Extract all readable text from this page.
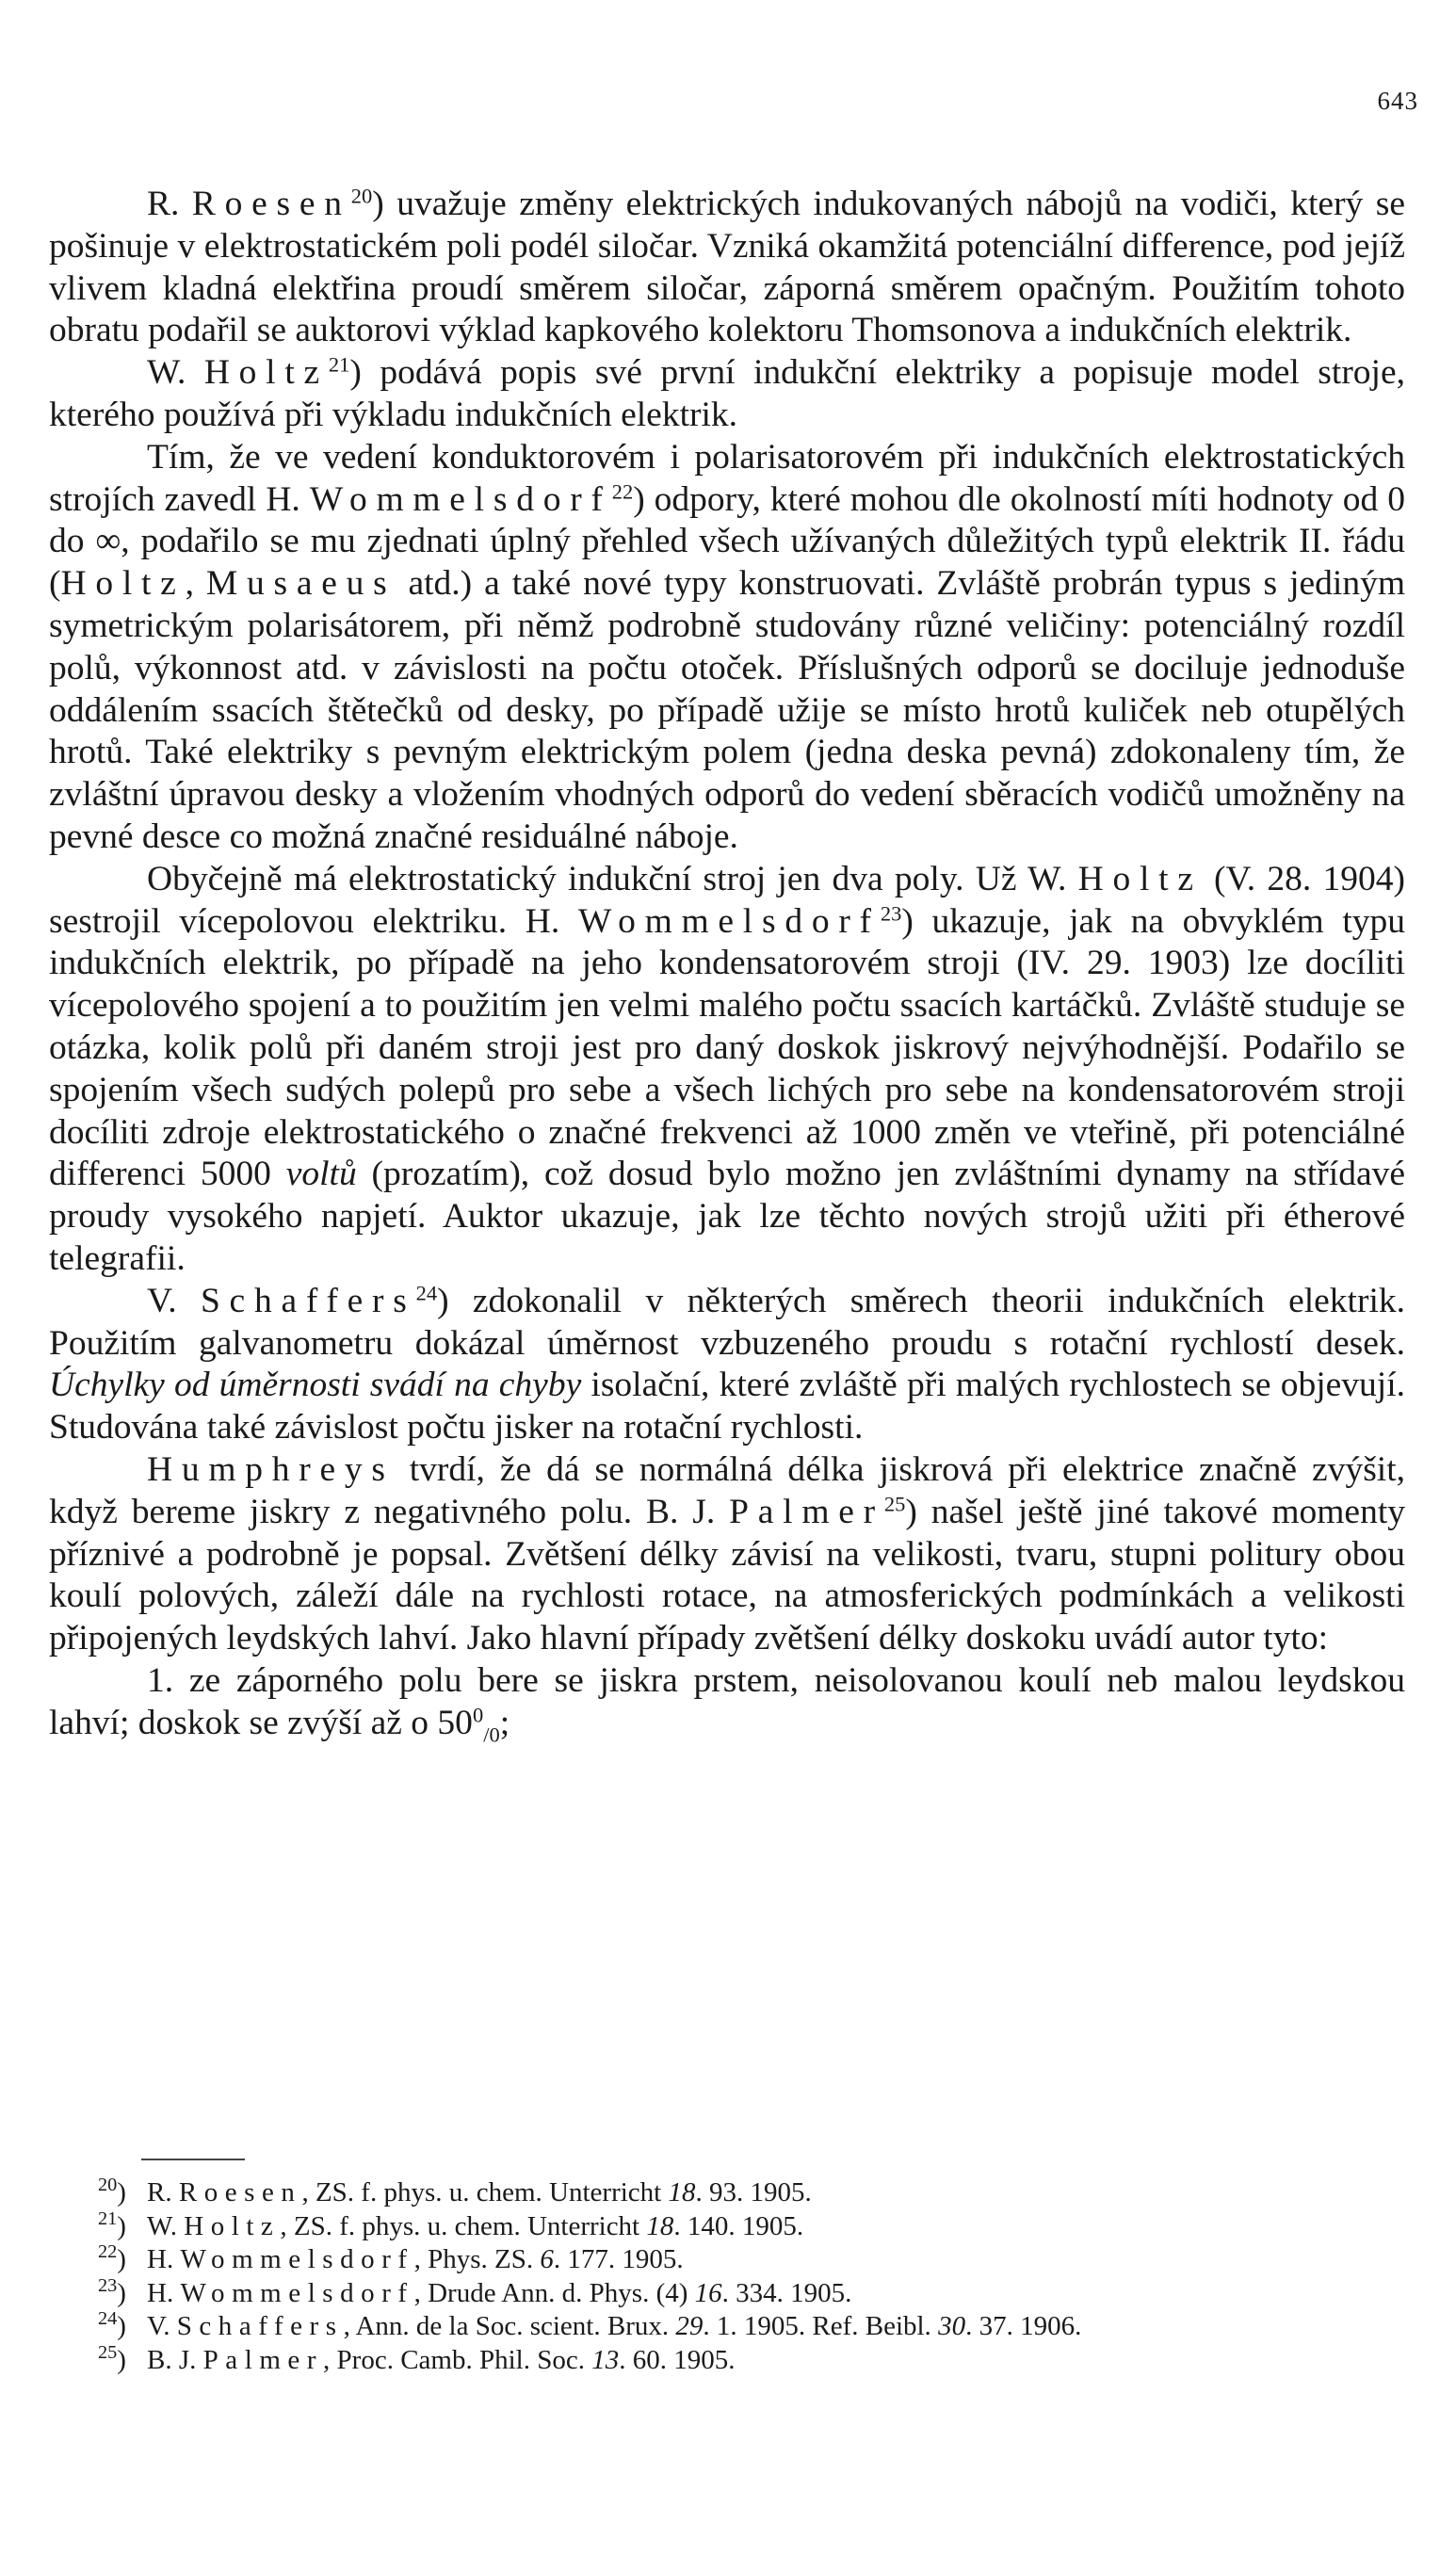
643

R. Roesen$^{20}$) uvažuje změny elektrických indukovaných nábojů na vodiči, který se pošinuje v elektrostatickém poli podél siločar. Vzniká okamžitá potenciální difference, pod jejíž vlivem kladná elektřina proudí směrem siločar, záporná směrem opačným. Použitím tohoto obratu podařil se auktorovi výklad kapkového kolektoru Thomsonova a indukčních elektrik.

W. Holtz$^{21}$) podává popis své první indukční elektriky a popisuje model stroje, kterého používá při výkladu indukčních elektrik.

Tím, že ve vedení konduktorovém i polarisatorovém při indukčních elektrostatických strojích zavedl H. Wommelsdorf$^{22}$) odpory, které mohou dle okolností míti hodnoty od 0 do ∞, podařilo se mu zjednati úplný přehled všech užívaných důležitých typů elektrik II. řádu (Holtz, Musaeus atd.) a také nové typy konstruovati. Zvláště probrán typus s jediným symetrickým polarisátorem, při němž podrobně studovány různé veličiny: potenciálný rozdíl polů, výkonnost atd. v závislosti na počtu otoček. Příslušných odporů se dociluje jednoduše oddálením ssacích štětečků od desky, po případě užije se místo hrotů kuliček neb otupělých hrotů. Také elektriky s pevným elektrickým polem (jedna deska pevná) zdokonaleny tím, že zvláštní úpravou desky a vložením vhodných odporů do vedení sběracích vodičů umožněny na pevné desce co možná značné residuálné náboje.

Obyčejně má elektrostatický indukční stroj jen dva poly. Už W. Holtz (V. 28. 1904) sestrojil vícepolovou elektriku. H. Wommelsdorf$^{23}$) ukazuje, jak na obvyklém typu indukčních elektrik, po případě na jeho kondensatorovém stroji (IV. 29. 1903) lze docíliti vícepolového spojení a to použitím jen velmi malého počtu ssacích kartáčků. Zvláště studuje se otázka, kolik polů při daném stroji jest pro daný doskok jiskrový nejvýhodnější. Podařilo se spojením všech sudých polepů pro sebe a všech lichých pro sebe na kondensatorovém stroji docíliti zdroje elektrostatického o značné frekvenci až 1000 změn ve vteřině, při potenciálné differenci 5000 voltů (prozatím), což dosud bylo možno jen zvláštními dynamy na střídavé proudy vysokého napjetí. Auktor ukazuje, jak lze těchto nových strojů užiti při étherové telegrafii.

V. Schaffers$^{24}$) zdokonalil v některých směrech theorii indukčních elektrik. Použitím galvanometru dokázal úměrnost vzbuzeného proudu s rotační rychlostí desek. Úchylky od úměrnosti svádí na chyby isolační, které zvláště při malých rychlostech se objevují. Studována také závislost počtu jisker na rotační rychlosti.

Humphreys tvrdí, že dá se normálná délka jiskrová při elektrice značně zvýšit, když bereme jiskry z negativného polu. B. J. Palmer$^{25}$) našel ještě jiné takové momenty příznivé a podrobně je popsal. Zvětšení délky závisí na velikosti, tvaru, stupni politury obou koulí polových, záleží dále na rychlosti rotace, na atmosferických podmínkách a velikosti připojených leydských lahví. Jako hlavní případy zvětšení délky doskoku uvádí autor tyto:

1. ze záporného polu bere se jiskra prstem, neisolovanou koulí neb malou leydskou lahví; doskok se zvýší až o $50^0_{/0}$;

$^{20}$) R. Roesen, ZS. f. phys. u. chem. Unterricht 18. 93. 1905.

$^{21}$) W. Holtz, ZS. f. phys. u. chem. Unterricht 18. 140. 1905.

$^{22}$) H. Wommelsdorf, Phys. ZS. 6. 177. 1905.

$^{23}$) H. Wommelsdorf, Drude Ann. d. Phys. (4) 16. 334. 1905.

$^{24}$) V. Schaffers, Ann. de la Soc. scient. Brux. 29. 1. 1905. Ref. Beibl. 30. 37. 1906.

$^{25}$) B. J. Palmer, Proc. Camb. Phil. Soc. 13. 60. 1905.
